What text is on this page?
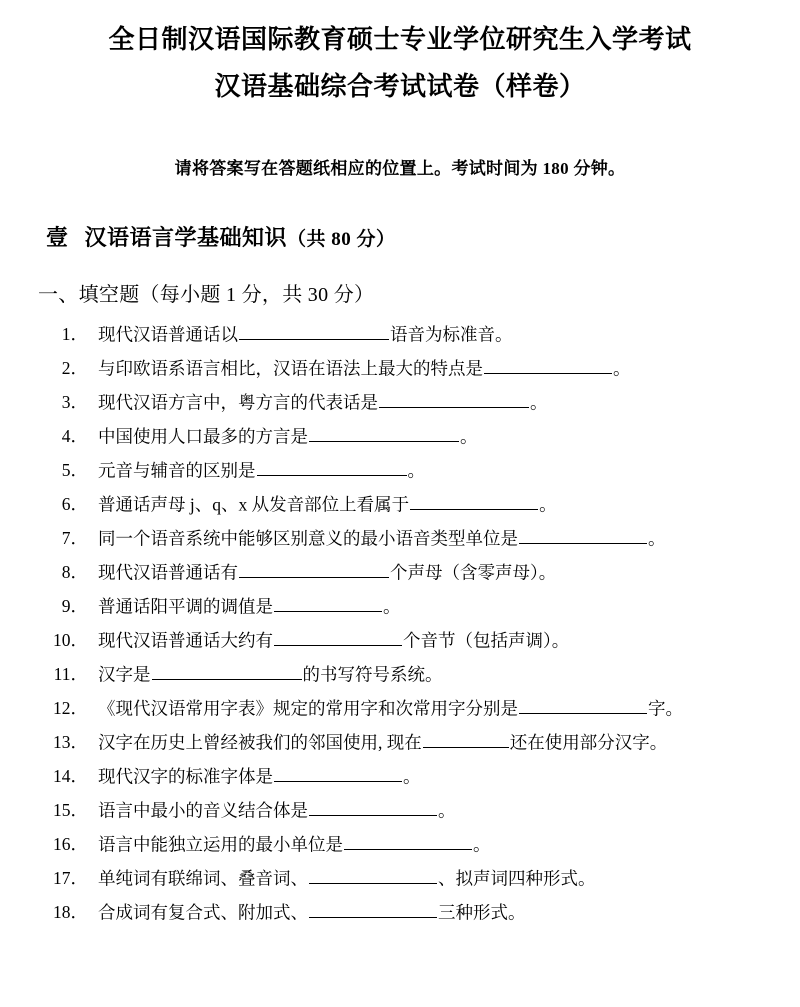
全日制汉语国际教育硕士专业学位研究生入学考试
汉语基础综合考试试卷（样卷）
请将答案写在答题纸相应的位置上。考试时间为 180 分钟。
壹 汉语语言学基础知识（共 80 分）
一、填空题（每小题 1 分，共 30 分）
1． 现代汉语普通话以	语音为标准音。
2． 与印欧语系语言相比，汉语在语法上最大的特点是	。
3． 现代汉语方言中，粤方言的代表话是	。
4． 中国使用人口最多的方言是	。
5． 元音与辅音的区别是	。
6． 普通话声母 j、q、x 从发音部位上看属于	。
7． 同一个语音系统中能够区别意义的最小语音类型单位是	。
8． 现代汉语普通话有	个声母（含零声母）。
9． 普通话阳平调的调值是	。
10． 现代汉语普通话大约有	个音节（包括声调）。
11． 汉字是	的书写符号系统。
12． 《现代汉语常用字表》规定的常用字和次常用字分别是	字。
13． 汉字在历史上曾经被我们的邻国使用, 现在	还在使用部分汉字。
14． 现代汉字的标准字体是	。
15． 语言中最小的音义结合体是	。
16． 语言中能独立运用的最小单位是	。
17． 单纯词有联绵词、叠音词、	、拟声词四种形式。
18． 合成词有复合式、附加式、	三种形式。
